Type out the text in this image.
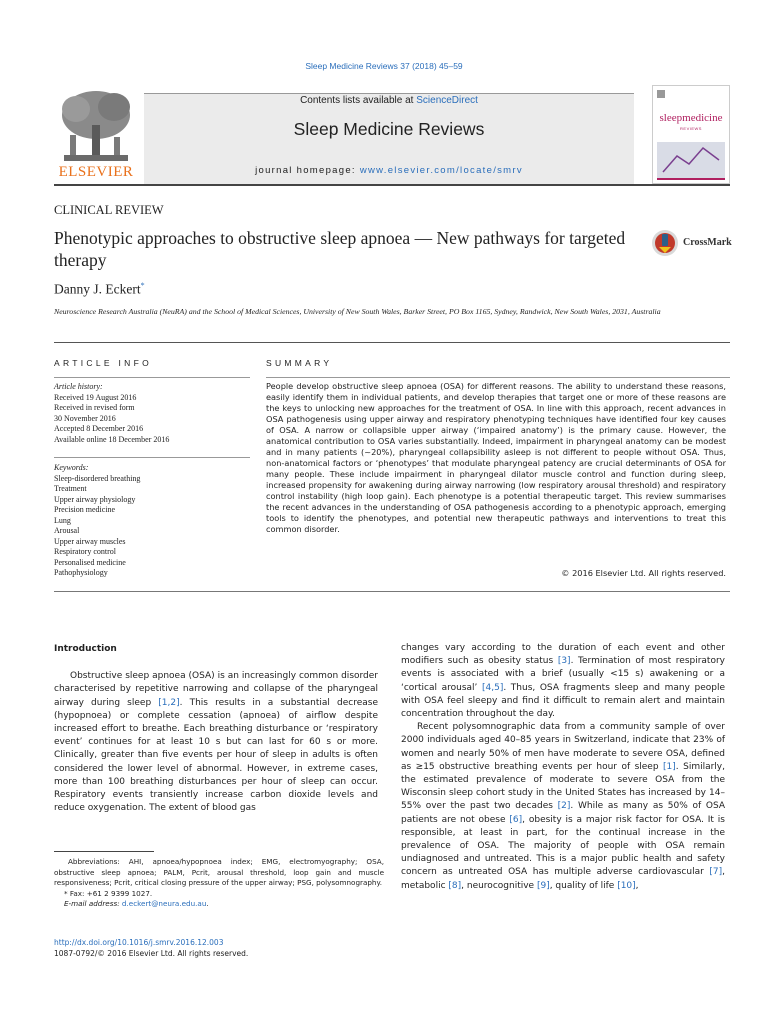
Sleep Medicine Reviews 37 (2018) 45–59
ELSEVIER
Contents lists available at ScienceDirect
Sleep Medicine Reviews
journal homepage: www.elsevier.com/locate/smrv
sleepmedicine
REVIEWS
CLINICAL REVIEW
Phenotypic approaches to obstructive sleep apnoea — New pathways for targeted therapy
CrossMark
Danny J. Eckert*
Neuroscience Research Australia (NeuRA) and the School of Medical Sciences, University of New South Wales, Barker Street, PO Box 1165, Sydney, Randwick, New South Wales, 2031, Australia
ARTICLE INFO	SUMMARY
Article history:
Received 19 August 2016
Received in revised form
30 November 2016
Accepted 8 December 2016
Available online 18 December 2016
Keywords:
Sleep-disordered breathing
Treatment
Upper airway physiology
Precision medicine
Lung
Arousal
Upper airway muscles
Respiratory control
Personalised medicine
Pathophysiology
People develop obstructive sleep apnoea (OSA) for different reasons. The ability to understand these reasons, easily identify them in individual patients, and develop therapies that target one or more of these reasons are the keys to unlocking new approaches for the treatment of OSA. In line with this approach, recent advances in OSA pathogenesis using upper airway and respiratory phenotyping techniques have identified four key causes of OSA. A narrow or collapsible upper airway (‘impaired anatomy’) is the primary cause. However, the anatomical contribution to OSA varies substantially. Indeed, impairment in pharyngeal anatomy can be modest and in many patients (~20%), pharyngeal collapsibility asleep is not different to people without OSA. Thus, non-anatomical factors or ‘phenotypes’ that modulate pharyngeal patency are crucial determinants of OSA for many people. These include impairment in pharyngeal dilator muscle control and function during sleep, increased propensity for awakening during airway narrowing (low respiratory arousal threshold) and respiratory control instability (high loop gain). Each phenotype is a potential therapeutic target. This review summarises the recent advances in the understanding of OSA pathogenesis according to a phenotypic approach, emerging tools to identify the phenotypes, and potential new therapeutic pathways and interventions to treat this common disorder.
© 2016 Elsevier Ltd. All rights reserved.
Introduction

Obstructive sleep apnoea (OSA) is an increasingly common disorder characterised by repetitive narrowing and collapse of the pharyngeal airway during sleep [1,2]. This results in a substantial decrease (hypopnoea) or complete cessation (apnoea) of airflow despite increased effort to breathe. Each breathing disturbance or ‘respiratory event’ continues for at least 10 s but can last for 60 s or more. Clinically, greater than five events per hour of sleep in adults is often considered the lower level of abnormal. However, in extreme cases, more than 100 breathing disturbances per hour of sleep can occur. Respiratory events transiently increase carbon dioxide levels and reduce oxygenation. The extent of blood gas

changes vary according to the duration of each event and other modifiers such as obesity status [3]. Termination of most respiratory events is associated with a brief (usually <15 s) awakening or a ‘cortical arousal’ [4,5]. Thus, OSA fragments sleep and many people with OSA feel sleepy and find it difficult to remain alert and maintain concentration throughout the day.

Recent polysomnographic data from a community sample of over 2000 individuals aged 40–85 years in Switzerland, indicate that 23% of women and nearly 50% of men have moderate to severe OSA, defined as ≥15 obstructive breathing events per hour of sleep [1]. Similarly, the estimated prevalence of moderate to severe OSA from the Wisconsin sleep cohort study in the United States has increased by 14–55% over the past two decades [2]. While as many as 50% of OSA patients are not obese [6], obesity is a major risk factor for OSA. It is responsible, at least in part, for the continual increase in the prevalence of OSA. The majority of people with OSA remain undiagnosed and untreated. This is a major public health and safety concern as untreated OSA has multiple adverse cardiovascular [7], metabolic [8], neurocognitive [9], quality of life [10],

Abbreviations: AHI, apnoea/hypopnoea index; EMG, electromyography; OSA, obstructive sleep apnoea; PALM, Pcrit, arousal threshold, loop gain and muscle responsiveness; Pcrit, critical closing pressure of the upper airway; PSG, polysomnography.

* Fax: +61 2 9399 1027.

E-mail address: d.eckert@neura.edu.au.

http://dx.doi.org/10.1016/j.smrv.2016.12.003
1087-0792/© 2016 Elsevier Ltd. All rights reserved.
